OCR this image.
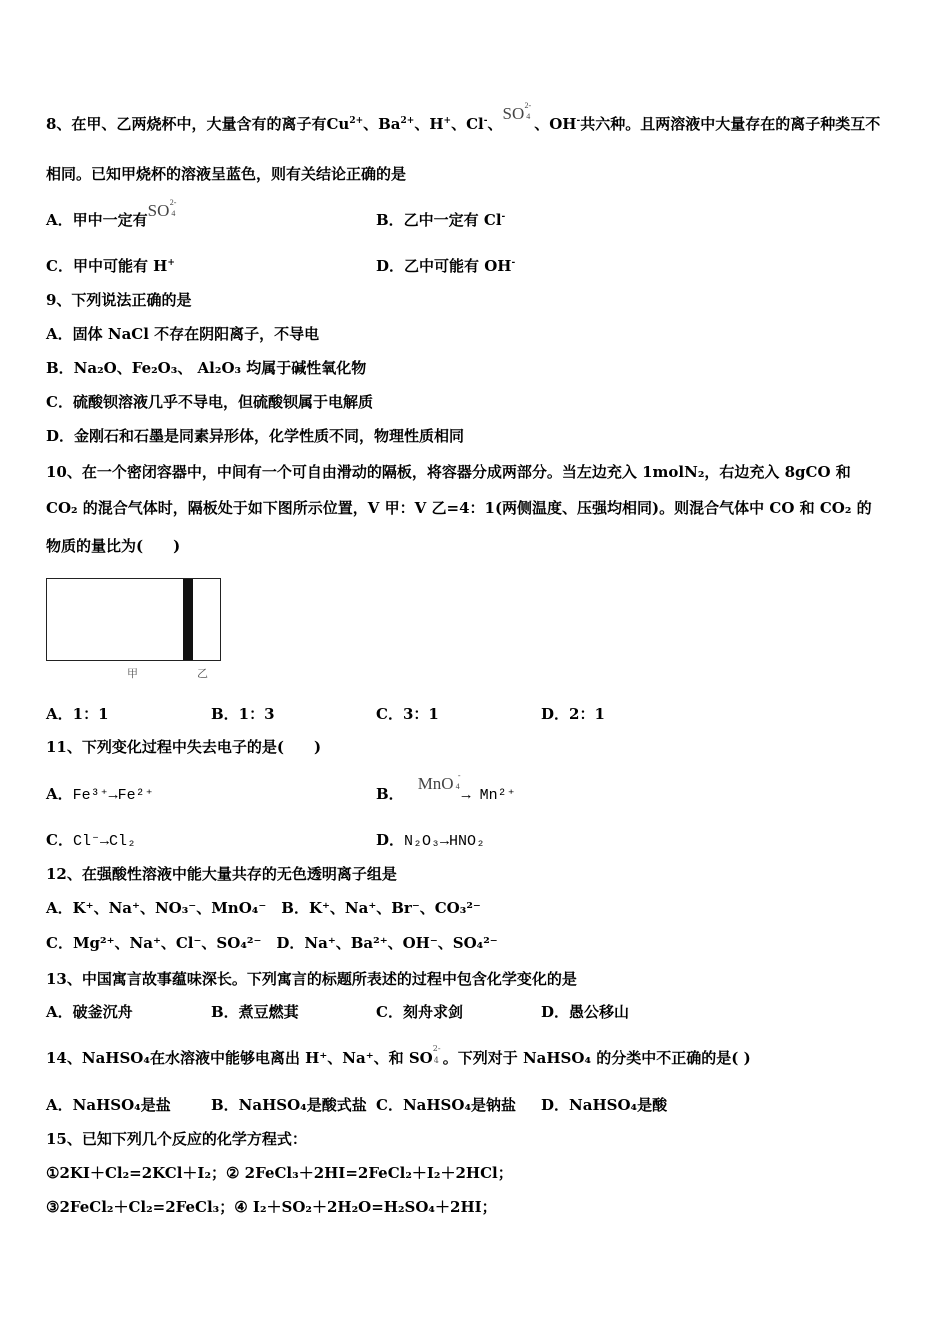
8、在甲、乙两烧杯中，大量含有的离子有$Cu^{2+}$、$Ba^{2+}$、H+、Cl-、SO 2-
4 、OH-共六种。且两溶液中大量存在的离子种类互不
相同。已知甲烧杯的溶液呈蓝色，则有关结论正确的是
A．甲中一定有SO 2-
4	B．乙中一定有 Cl-
C．甲中可能有 H+	D．乙中可能有 OH-
9、下列说法正确的是
A．固体 NaCl 不存在阴阳离子，不导电
B．Na₂O、Fe₂O₃、 Al₂O₃ 均属于碱性氧化物
C．硫酸钡溶液几乎不导电，但硫酸钡属于电解质
D．金刚石和石墨是同素异形体，化学性质不同，物理性质相同
10、在一个密闭容器中，中间有一个可自由滑动的隔板，将容器分成两部分。当左边充入 1molN₂，右边充入 8gCO 和
CO₂ 的混合气体时，隔板处于如下图所示位置，V 甲：V 乙=4：1(两侧温度、压强均相同)。则混合气体中 CO 和 CO₂ 的
物质的量比为(　　)
甲	乙
A．1：1	B．1：3	C．3：1	D．2：1
11、下列变化过程中失去电子的是(　　)
A．Fe³⁺→Fe²⁺	B．MnO -
4
→ Mn²⁺
C．Cl⁻→Cl₂	D．N₂O₃→HNO₂
12、在强酸性溶液中能大量共存的无色透明离子组是
A．K⁺、Na⁺、NO₃⁻、MnO₄⁻　B．K⁺、Na⁺、Br⁻、CO₃²⁻
C．Mg²⁺、Na⁺、Cl⁻、SO₄²⁻　D．Na⁺、Ba²⁺、OH⁻、SO₄²⁻
13、中国寓言故事蕴味深长。下列寓言的标题所表述的过程中包含化学变化的是
A．破釜沉舟	B．煮豆燃萁	C．刻舟求剑	D．愚公移山
14、NaHSO₄在水溶液中能够电离出 H⁺、Na⁺、和 SO
2-
4 。下列对于 NaHSO₄ 的分类中不正确的是( )
A．NaHSO₄是盐	B．NaHSO₄是酸式盐 C．NaHSO₄是钠盐 D．NaHSO₄是酸
15、已知下列几个反应的化学方程式：
①2KI＋Cl₂=2KCl＋I₂；② 2FeCl₃＋2HI=2FeCl₂＋I₂＋2HCl；
③2FeCl₂＋Cl₂=2FeCl₃；④ I₂＋SO₂＋2H₂O=H₂SO₄＋2HI；
